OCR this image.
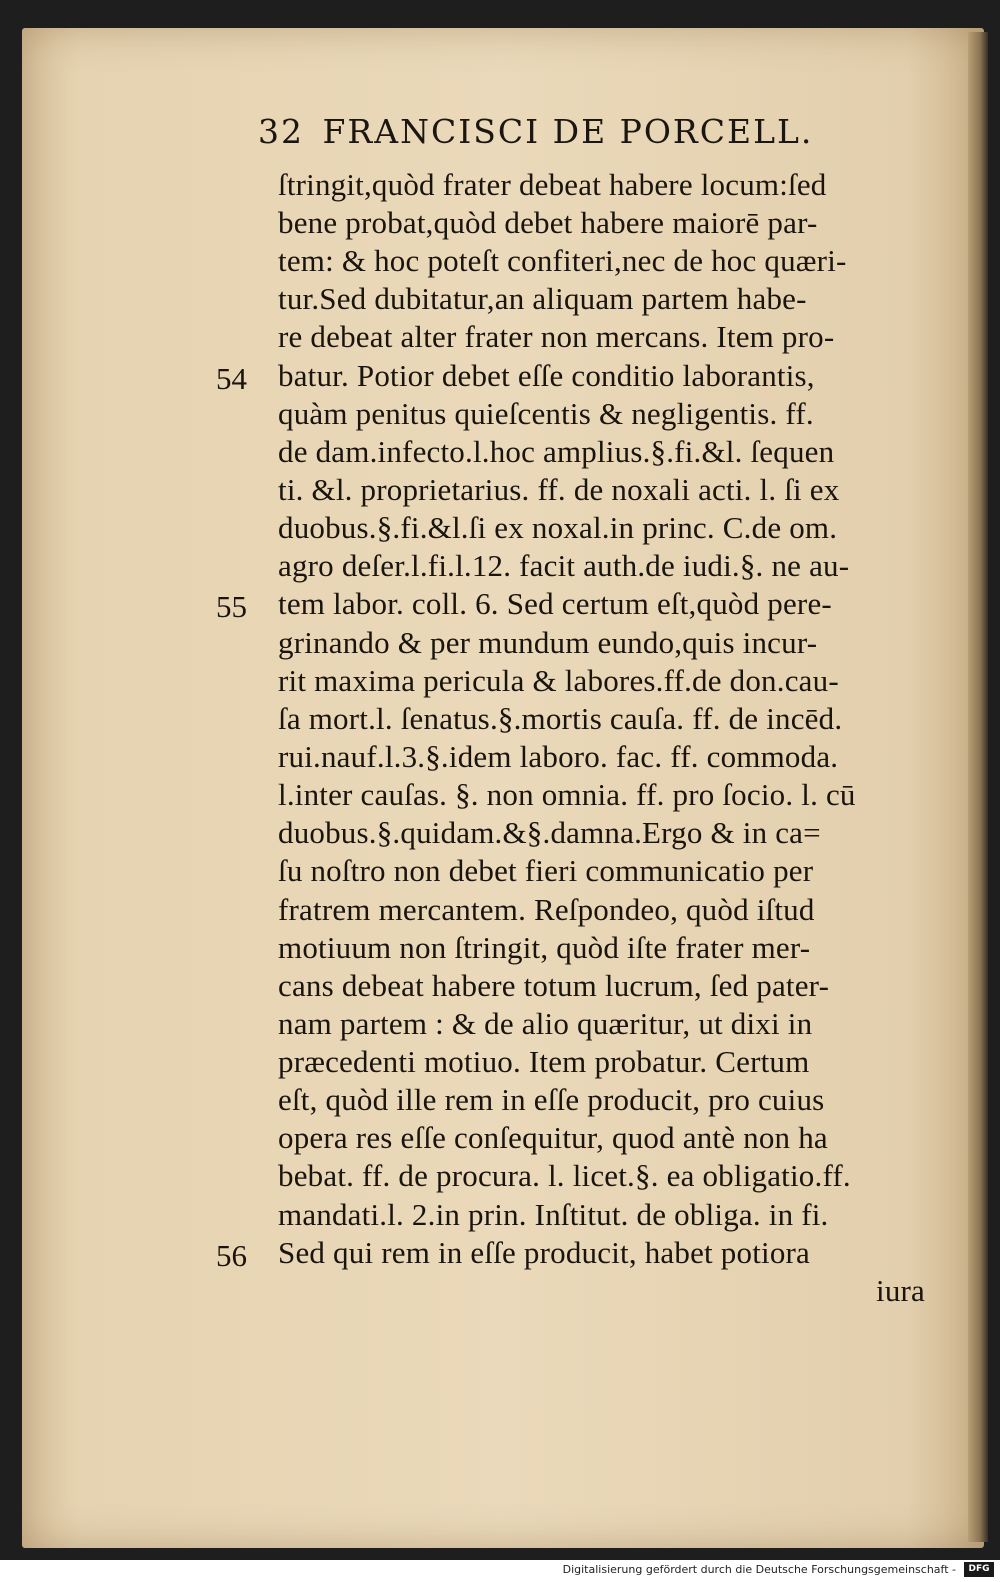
32 FRANCISCI DE PORCELL.
ſtringit,quòd frater debeat habere locum:ſed
bene probat,quòd debet habere maiorē par-
tem: & hoc poteſt confiteri,nec de hoc quæri-
tur.Sed dubitatur,an aliquam partem habe-
re debeat alter frater non mercans. Item pro-
batur. Potior debet eſſe conditio laborantis,
quàm penitus quieſcentis & negligentis. ff.
de dam.infecto.l.hoc amplius.§.fi.&l. ſequen
ti. &l. proprietarius. ff. de noxali acti. l. ſi ex
duobus.§.fi.&l.ſi ex noxal.in princ. C.de om.
agro deſer.l.fi.l.12. facit auth.de iudi.§. ne au-
tem labor. coll. 6. Sed certum eſt,quòd pere-
grinando & per mundum eundo,quis incur-
rit maxima pericula & labores.ff.de don.cau-
ſa mort.l. ſenatus.§.mortis cauſa. ff. de incēd.
rui.nauf.l.3.§.idem laboro. fac. ff. commoda.
l.inter cauſas. §. non omnia. ff. pro ſocio. l. cū
duobus.§.quidam.&§.damna.Ergo & in ca=
ſu noſtro non debet fieri communicatio per
fratrem mercantem. Reſpondeo, quòd iſtud
motiuum non ſtringit, quòd iſte frater mer-
cans debeat habere totum lucrum, ſed pater-
nam partem : & de alio quæritur, ut dixi in
præcedenti motiuo. Item probatur. Certum
eſt, quòd ille rem in eſſe producit, pro cuius
opera res eſſe conſequitur, quod antè non ha
bebat. ff. de procura. l. licet.§. ea obligatio.ff.
mandati.l. 2.in prin. Inſtitut. de obliga. in fi.
Sed qui rem in eſſe producit, habet potiora
iura
54
55
56
Digitalisierung gefördert durch die Deutsche Forschungsgemeinschaft -	DFG
